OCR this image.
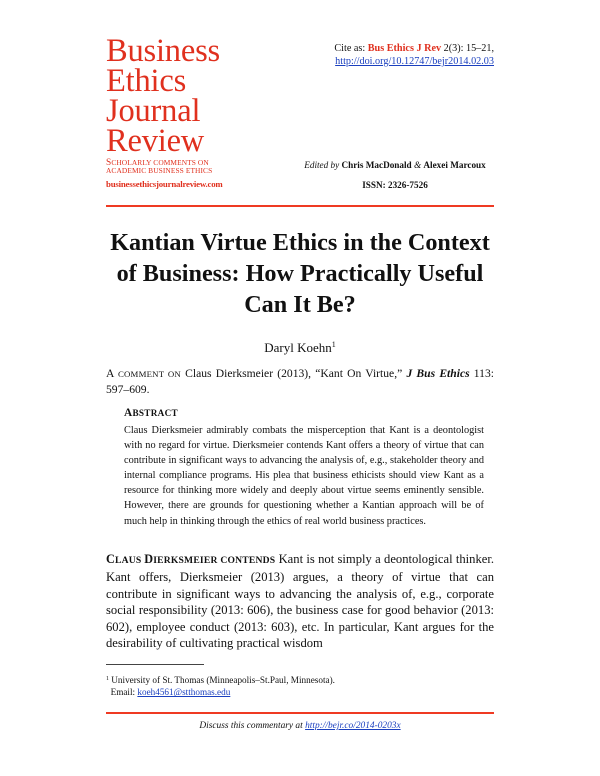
Business
Ethics
Journal
Review
SCHOLARLY COMMENTS ON
ACADEMIC BUSINESS ETHICS
businessethicsjournalreview.com
Cite as: Bus Ethics J Rev 2(3): 15–21,
http://doi.org/10.12747/bejr2014.02.03
Edited by Chris MacDonald & Alexei Marcoux
ISSN: 2326-7526
Kantian Virtue Ethics in the Context of Business: How Practically Useful Can It Be?
Daryl Koehn$^1$
A COMMENT ON Claus Dierksmeier (2013), “Kant On Virtue,” J Bus Ethics 113: 597–609.
ABSTRACT
Claus Dierksmeier admirably combats the misperception that Kant is a deontologist with no regard for virtue. Dierksmeier contends Kant offers a theory of virtue that can contribute in significant ways to advancing the analysis of, e.g., stakeholder theory and internal compliance programs. His plea that business ethicists should view Kant as a resource for thinking more widely and deeply about virtue seems eminently sensible. However, there are grounds for questioning whether a Kantian approach will be of much help in thinking through the ethics of real world business practices.
CLAUS DIERKSMEIER CONTENDS Kant is not simply a deontological thinker. Kant offers, Dierksmeier (2013) argues, a theory of virtue that can contribute in significant ways to advancing the analysis of, e.g., corporate social responsibility (2013: 606), the business case for good behavior (2013: 602), employee conduct (2013: 603), etc. In particular, Kant argues for the desirability of cultivating practical wisdom
$^1$ University of St. Thomas (Minneapolis–St.Paul, Minnesota).
Email: koeh4561@stthomas.edu
Discuss this commentary at http://bejr.co/2014-0203x
